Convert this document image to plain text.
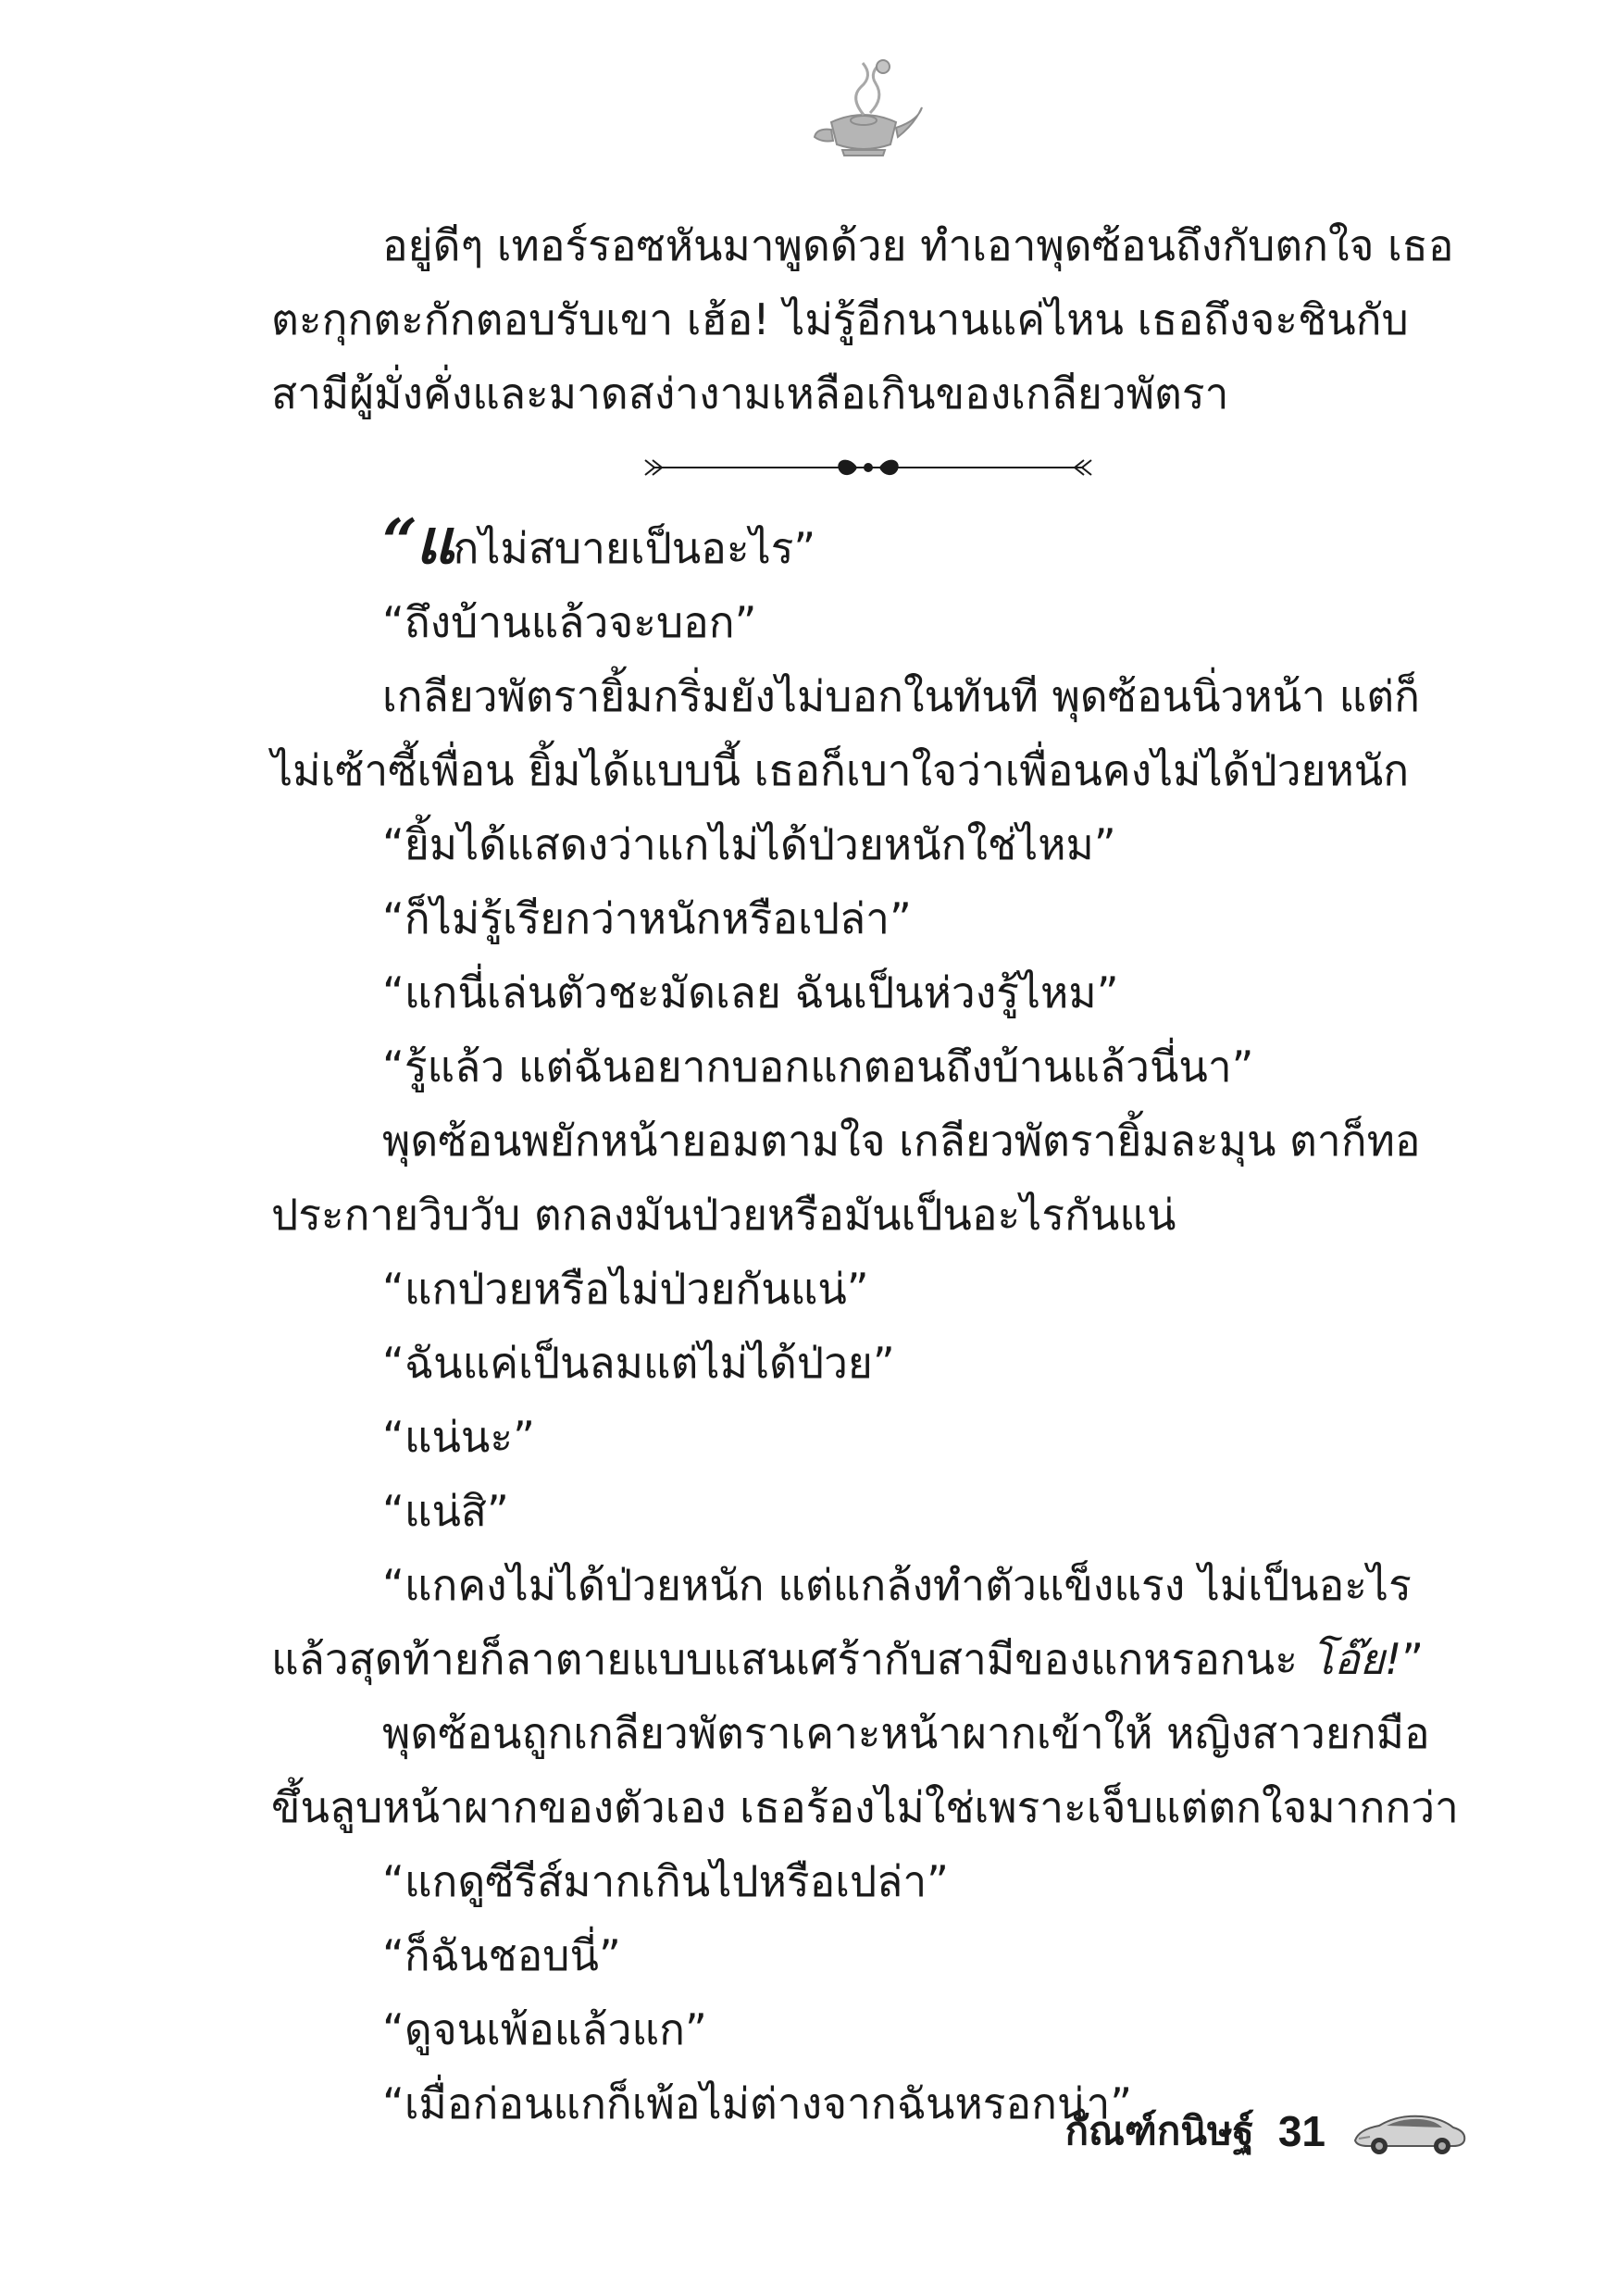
อยู่ดีๆ เทอร์รอซหันมาพูดด้วย ทำเอาพุดซ้อนถึงกับตกใจ เธอตะกุกตะกักตอบรับเขา เฮ้อ! ไม่รู้อีกนานแค่ไหน เธอถึงจะชินกับสามีผู้มั่งคั่งและมาดสง่างามเหลือเกินของเกลียวพัตรา

“แกไม่สบายเป็นอะไร”

“ถึงบ้านแล้วจะบอก”

เกลียวพัตรายิ้มกริ่มยังไม่บอกในทันที พุดซ้อนนิ่วหน้า แต่ก็ไม่เซ้าซี้เพื่อน ยิ้มได้แบบนี้ เธอก็เบาใจว่าเพื่อนคงไม่ได้ป่วยหนัก

“ยิ้มได้แสดงว่าแกไม่ได้ป่วยหนักใช่ไหม”

“ก็ไม่รู้เรียกว่าหนักหรือเปล่า”

“แกนี่เล่นตัวชะมัดเลย ฉันเป็นห่วงรู้ไหม”

“รู้แล้ว แต่ฉันอยากบอกแกตอนถึงบ้านแล้วนี่นา”

พุดซ้อนพยักหน้ายอมตามใจ เกลียวพัตรายิ้มละมุน ตาก็ทอประกายวิบวับ ตกลงมันป่วยหรือมันเป็นอะไรกันแน่

“แกป่วยหรือไม่ป่วยกันแน่”

“ฉันแค่เป็นลมแต่ไม่ได้ป่วย”

“แน่นะ”

“แน่สิ”

“แกคงไม่ได้ป่วยหนัก แต่แกล้งทำตัวแข็งแรง ไม่เป็นอะไร แล้วสุดท้ายก็ลาตายแบบแสนเศร้ากับสามีของแกหรอกนะ โอ๊ย!”

พุดซ้อนถูกเกลียวพัตราเคาะหน้าผากเข้าให้ หญิงสาวยกมือขึ้นลูบหน้าผากของตัวเอง เธอร้องไม่ใช่เพราะเจ็บแต่ตกใจมากกว่า

“แกดูซีรีส์มากเกินไปหรือเปล่า”

“ก็ฉันชอบนี่”

“ดูจนเพ้อแล้วแก”

“เมื่อก่อนแกก็เพ้อไม่ต่างจากฉันหรอกน่า”

กัณฑ์กนิษฐ์ 31
